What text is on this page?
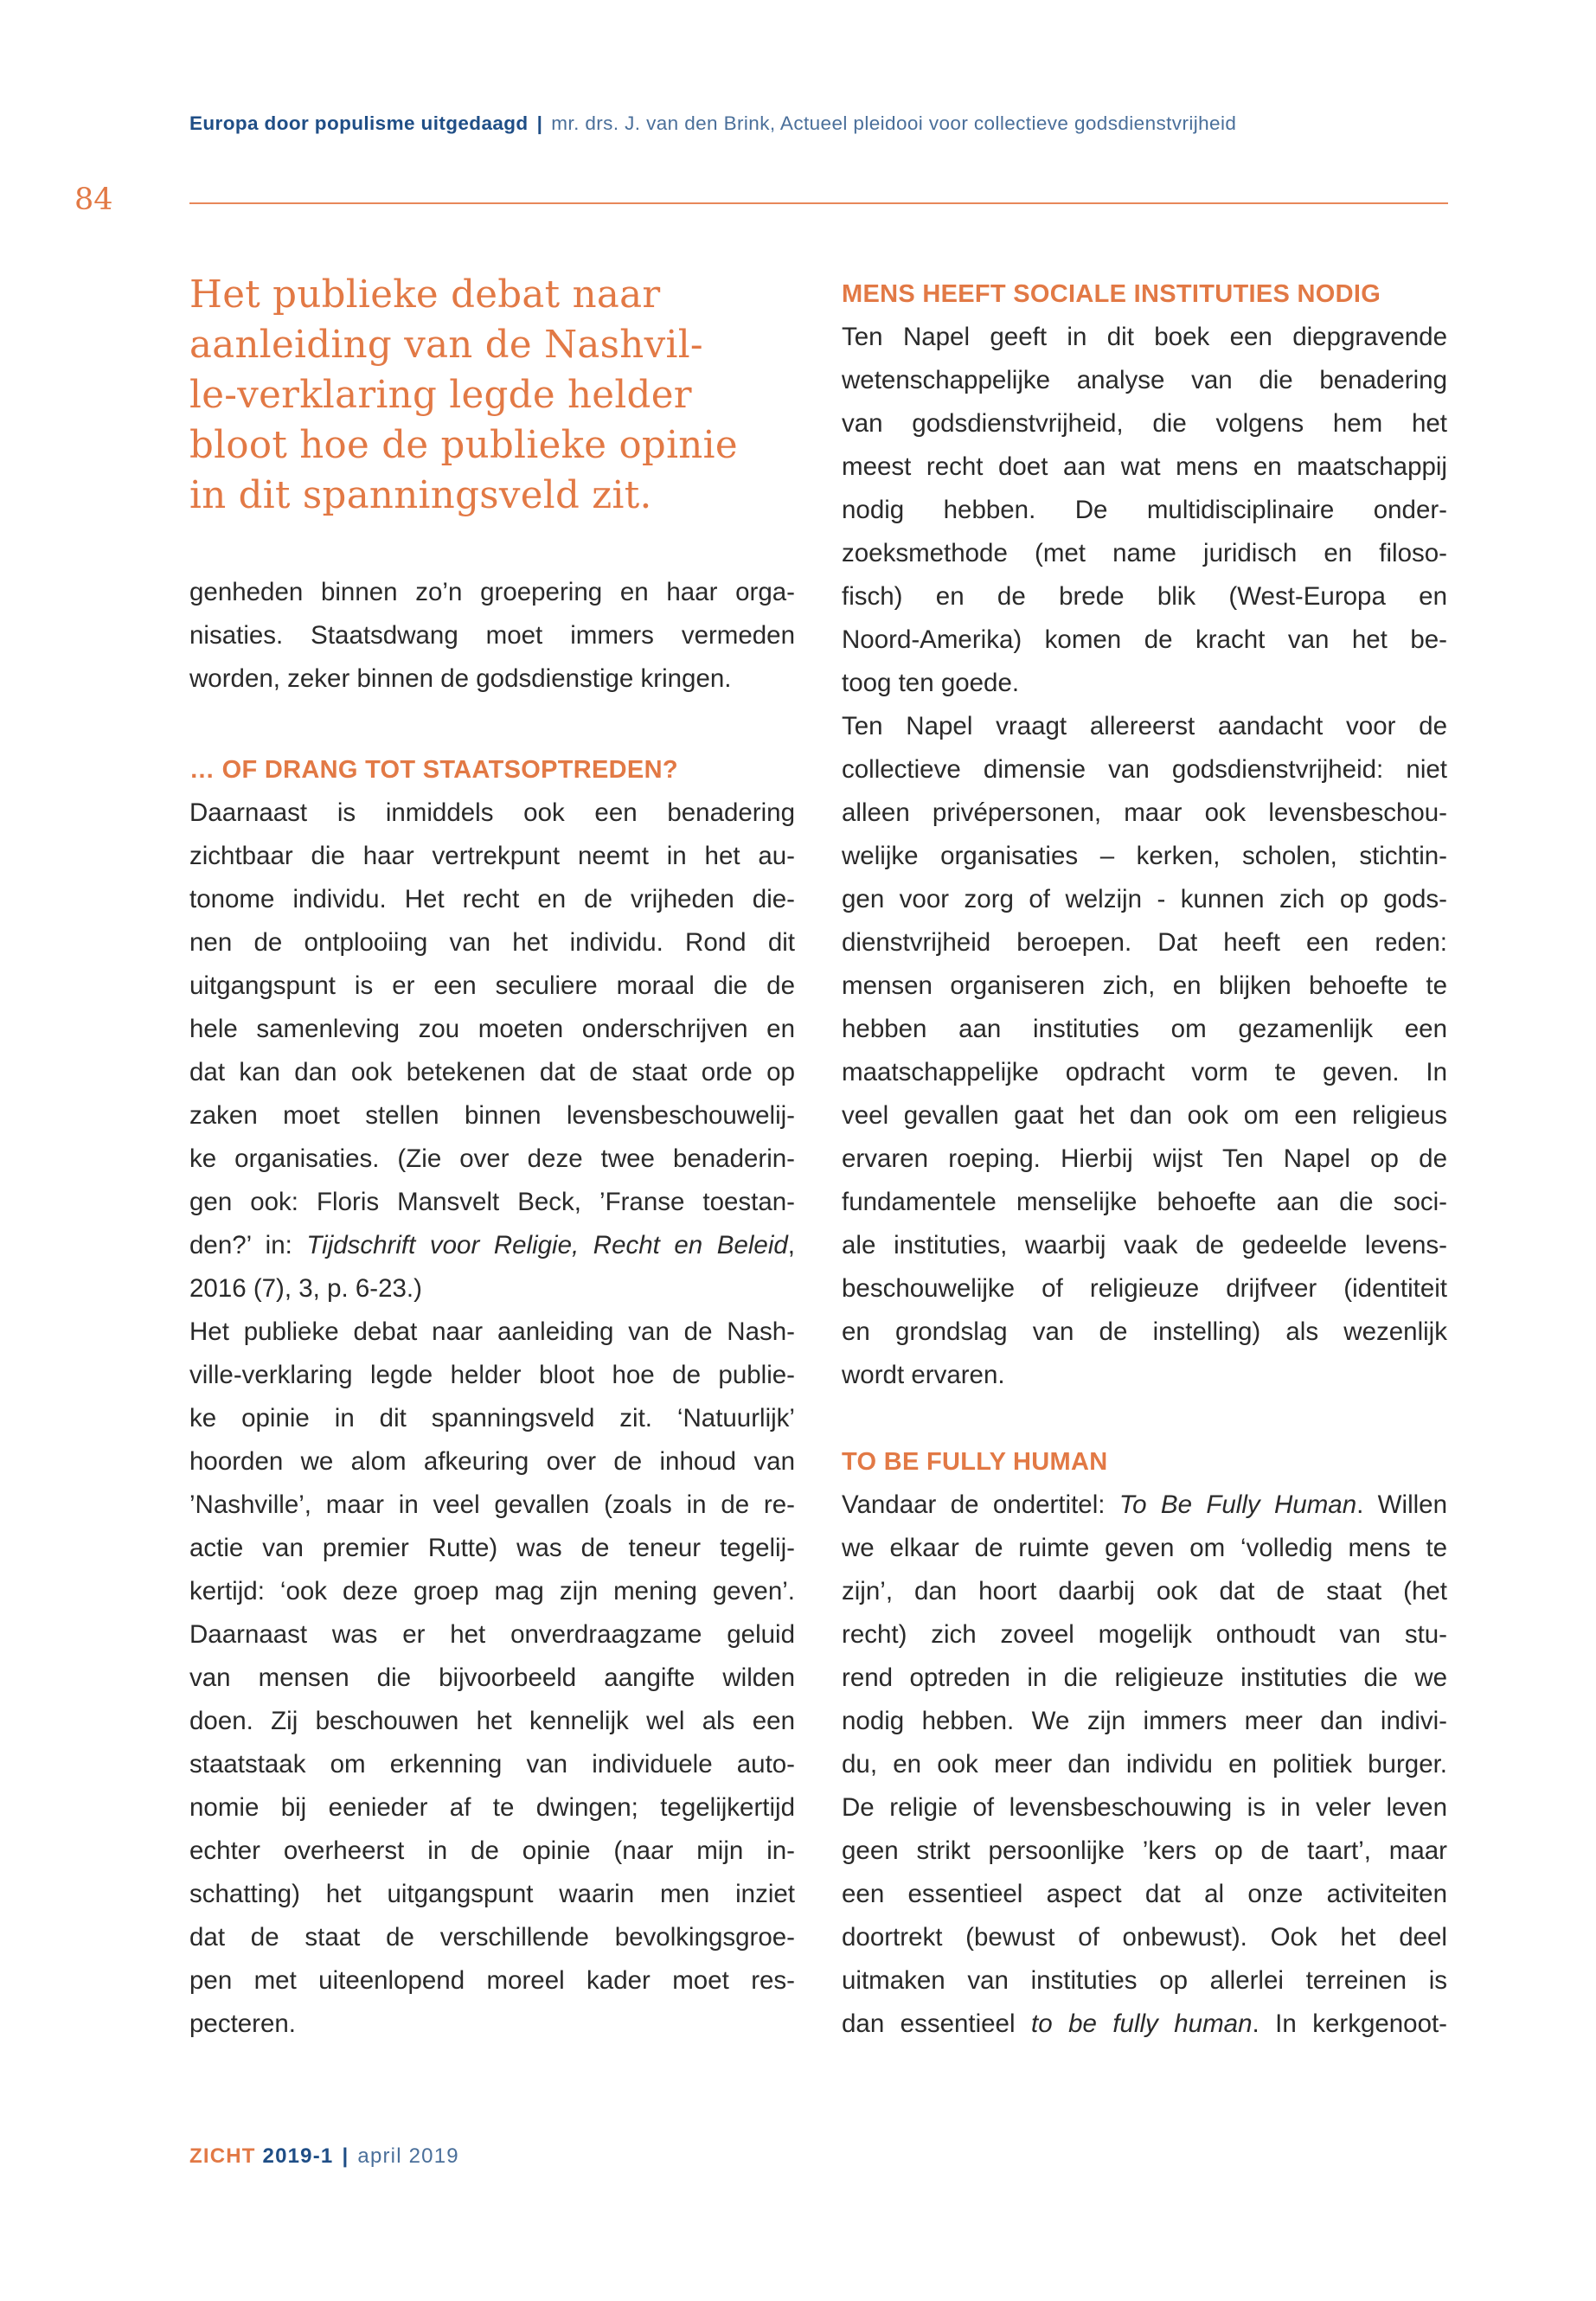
Europa door populisme uitgedaagd | mr. drs. J. van den Brink, Actueel pleidooi voor collectieve godsdienstvrijheid
84
Het publieke debat naar
aanleiding van de Nashvil-
le-verklaring legde helder
bloot hoe de publieke opinie
in dit spanningsveld zit.
genheden binnen zo’n groepering en haar orga-
nisaties. Staatsdwang moet immers vermeden
worden, zeker binnen de godsdienstige kringen.
… OF DRANG TOT STAATSOPTREDEN?
Daarnaast is inmiddels ook een benadering
zichtbaar die haar vertrekpunt neemt in het au-
tonome individu. Het recht en de vrijheden die-
nen de ontplooiing van het individu. Rond dit
uitgangspunt is er een seculiere moraal die de
hele samenleving zou moeten onderschrijven en
dat kan dan ook betekenen dat de staat orde op
zaken moet stellen binnen levensbeschouwelij-
ke organisaties. (Zie over deze twee benaderin-
gen ook: Floris Mansvelt Beck, ’Franse toestan-
den?’ in: Tijdschrift voor Religie, Recht en Beleid,
2016 (7), 3, p. 6-23.)
Het publieke debat naar aanleiding van de Nash-
ville-verklaring legde helder bloot hoe de publie-
ke opinie in dit spanningsveld zit. ‘Natuurlijk’
hoorden we alom afkeuring over de inhoud van
’Nashville’, maar in veel gevallen (zoals in de re-
actie van premier Rutte) was de teneur tegelij-
kertijd: ‘ook deze groep mag zijn mening geven’.
Daarnaast was er het onverdraagzame geluid
van mensen die bijvoorbeeld aangifte wilden
doen. Zij beschouwen het kennelijk wel als een
staatstaak om erkenning van individuele auto-
nomie bij eenieder af te dwingen; tegelijkertijd
echter overheerst in de opinie (naar mijn in-
schatting) het uitgangspunt waarin men inziet
dat de staat de verschillende bevolkingsgroe-
pen met uiteenlopend moreel kader moet res-
pecteren.
MENS HEEFT SOCIALE INSTITUTIES NODIG
Ten Napel geeft in dit boek een diepgravende
wetenschappelijke analyse van die benadering
van godsdienstvrijheid, die volgens hem het
meest recht doet aan wat mens en maatschappij
nodig hebben. De multidisciplinaire onder-
zoeksmethode (met name juridisch en filoso-
fisch) en de brede blik (West-Europa en
Noord-Amerika) komen de kracht van het be-
toog ten goede.
Ten Napel vraagt allereerst aandacht voor de
collectieve dimensie van godsdienstvrijheid: niet
alleen privépersonen, maar ook levensbeschou-
welijke organisaties – kerken, scholen, stichtin-
gen voor zorg of welzijn - kunnen zich op gods-
dienstvrijheid beroepen. Dat heeft een reden:
mensen organiseren zich, en blijken behoefte te
hebben aan instituties om gezamenlijk een
maatschappelijke opdracht vorm te geven. In
veel gevallen gaat het dan ook om een religieus
ervaren roeping. Hierbij wijst Ten Napel op de
fundamentele menselijke behoefte aan die soci-
ale instituties, waarbij vaak de gedeelde levens-
beschouwelijke of religieuze drijfveer (identiteit
en grondslag van de instelling) als wezenlijk
wordt ervaren.
TO BE FULLY HUMAN
Vandaar de ondertitel: To Be Fully Human. Willen
we elkaar de ruimte geven om ‘volledig mens te
zijn’, dan hoort daarbij ook dat de staat (het
recht) zich zoveel mogelijk onthoudt van stu-
rend optreden in die religieuze instituties die we
nodig hebben. We zijn immers meer dan indivi-
du, en ook meer dan individu en politiek burger.
De religie of levensbeschouwing is in veler leven
geen strikt persoonlijke ’kers op de taart’, maar
een essentieel aspect dat al onze activiteiten
doortrekt (bewust of onbewust). Ook het deel
uitmaken van instituties op allerlei terreinen is
dan essentieel to be fully human. In kerkgenoot-
ZICHT 2019-1 | april 2019
